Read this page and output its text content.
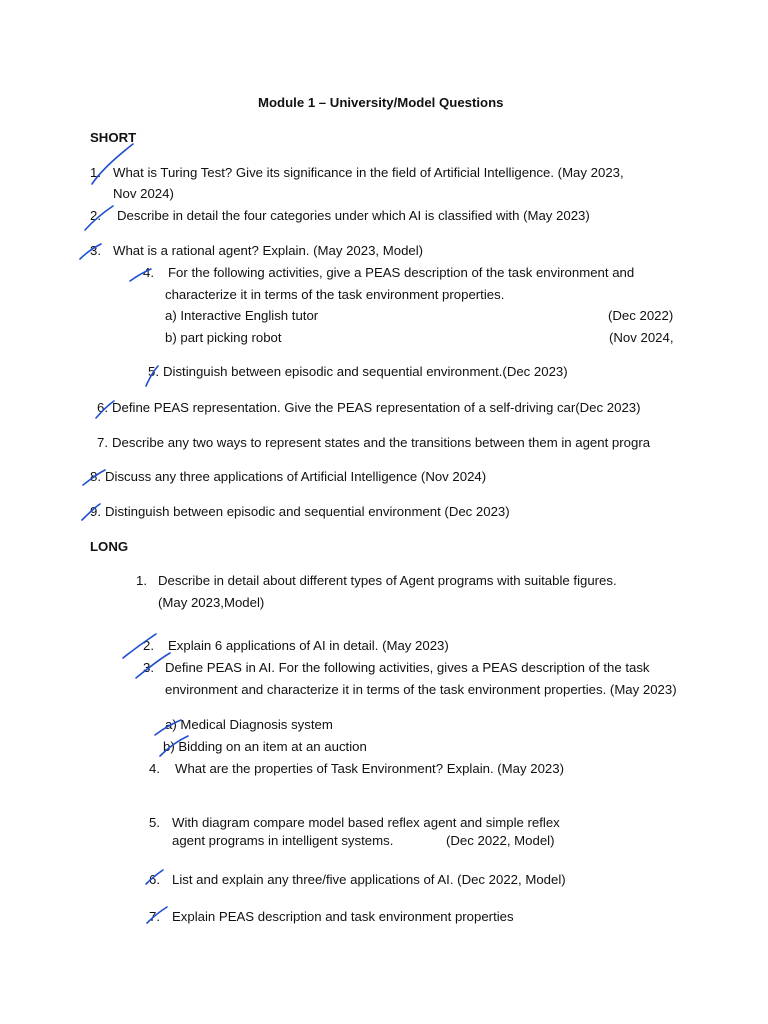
Module 1 – University/Model Questions
SHORT
1. What is Turing Test? Give its significance in the field of Artificial Intelligence. (May 2023,
Nov 2024)
2. Describe in detail the four categories under which AI is classified with (May 2023)
3. What is a rational agent? Explain. (May 2023, Model)
4. For the following activities, give a PEAS description of the task environment and
characterize it in terms of the task environment properties.
a) Interactive English tutor	(Dec 2022)
b) part picking robot	(Nov 2024,
5. Distinguish between episodic and sequential environment.(Dec 2023)
6. Define PEAS representation. Give the PEAS representation of a self-driving car(Dec 2023)
7. Describe any two ways to represent states and the transitions between them in agent progra
8. Discuss any three applications of Artificial Intelligence (Nov 2024)
9. Distinguish between episodic and sequential environment (Dec 2023)
LONG
1. Describe in detail about different types of Agent programs with suitable figures.
(May 2023,Model)
2. Explain 6 applications of AI in detail. (May 2023)
3. Define PEAS in AI. For the following activities, gives a PEAS description of the task
environment and characterize it in terms of the task environment properties. (May 2023)
a) Medical Diagnosis system
b) Bidding on an item at an auction
4. What are the properties of Task Environment? Explain. (May 2023)
5. With diagram compare model based reflex agent and simple reflex
agent programs in intelligent systems.	(Dec 2022, Model)
6. List and explain any three/five applications of AI. (Dec 2022, Model)
7. Explain PEAS description and task environment properties
